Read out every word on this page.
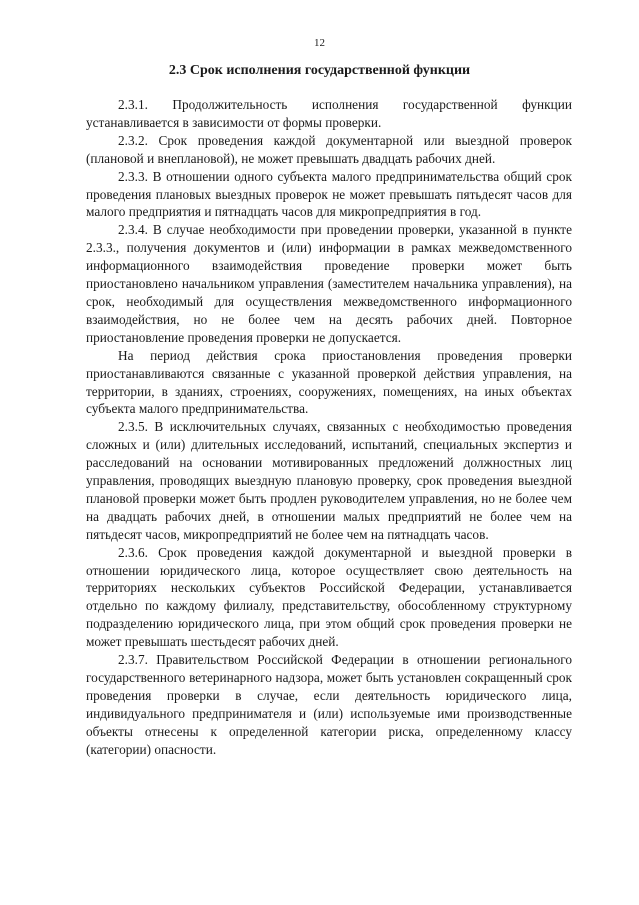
12
2.3 Срок исполнения государственной функции

2.3.1. Продолжительность исполнения государственной функции устанавливается в зависимости от формы проверки.

2.3.2. Срок проведения каждой документарной или выездной проверок (плановой и внеплановой), не может превышать двадцать рабочих дней.

2.3.3. В отношении одного субъекта малого предпринимательства общий срок проведения плановых выездных проверок не может превышать пятьдесят часов для малого предприятия и пятнадцать часов для микропредприятия в год.

2.3.4. В случае необходимости при проведении проверки, указанной в пункте 2.3.3., получения документов и (или) информации в рамках межведомственного информационного взаимодействия проведение проверки может быть приостановлено начальником управления (заместителем начальника управления), на срок, необходимый для осуществления межведомственного информационного взаимодействия, но не более чем на десять рабочих дней. Повторное приостановление проведения проверки не допускается.

На период действия срока приостановления проведения проверки приостанавливаются связанные с указанной проверкой действия управления, на территории, в зданиях, строениях, сооружениях, помещениях, на иных объектах субъекта малого предпринимательства.

2.3.5. В исключительных случаях, связанных с необходимостью проведения сложных и (или) длительных исследований, испытаний, специальных экспертиз и расследований на основании мотивированных предложений должностных лиц управления, проводящих выездную плановую проверку, срок проведения выездной плановой проверки может быть продлен руководителем управления, но не более чем на двадцать рабочих дней, в отношении малых предприятий не более чем на пятьдесят часов, микропредприятий не более чем на пятнадцать часов.

2.3.6. Срок проведения каждой документарной и выездной проверки в отношении юридического лица, которое осуществляет свою деятельность на территориях нескольких субъектов Российской Федерации, устанавливается отдельно по каждому филиалу, представительству, обособленному структурному подразделению юридического лица, при этом общий срок проведения проверки не может превышать шестьдесят рабочих дней.

2.3.7. Правительством Российской Федерации в отношении регионального государственного ветеринарного надзора, может быть установлен сокращенный срок проведения проверки в случае, если деятельность юридического лица, индивидуального предпринимателя и (или) используемые ими производственные объекты отнесены к определенной категории риска, определенному классу (категории) опасности.
